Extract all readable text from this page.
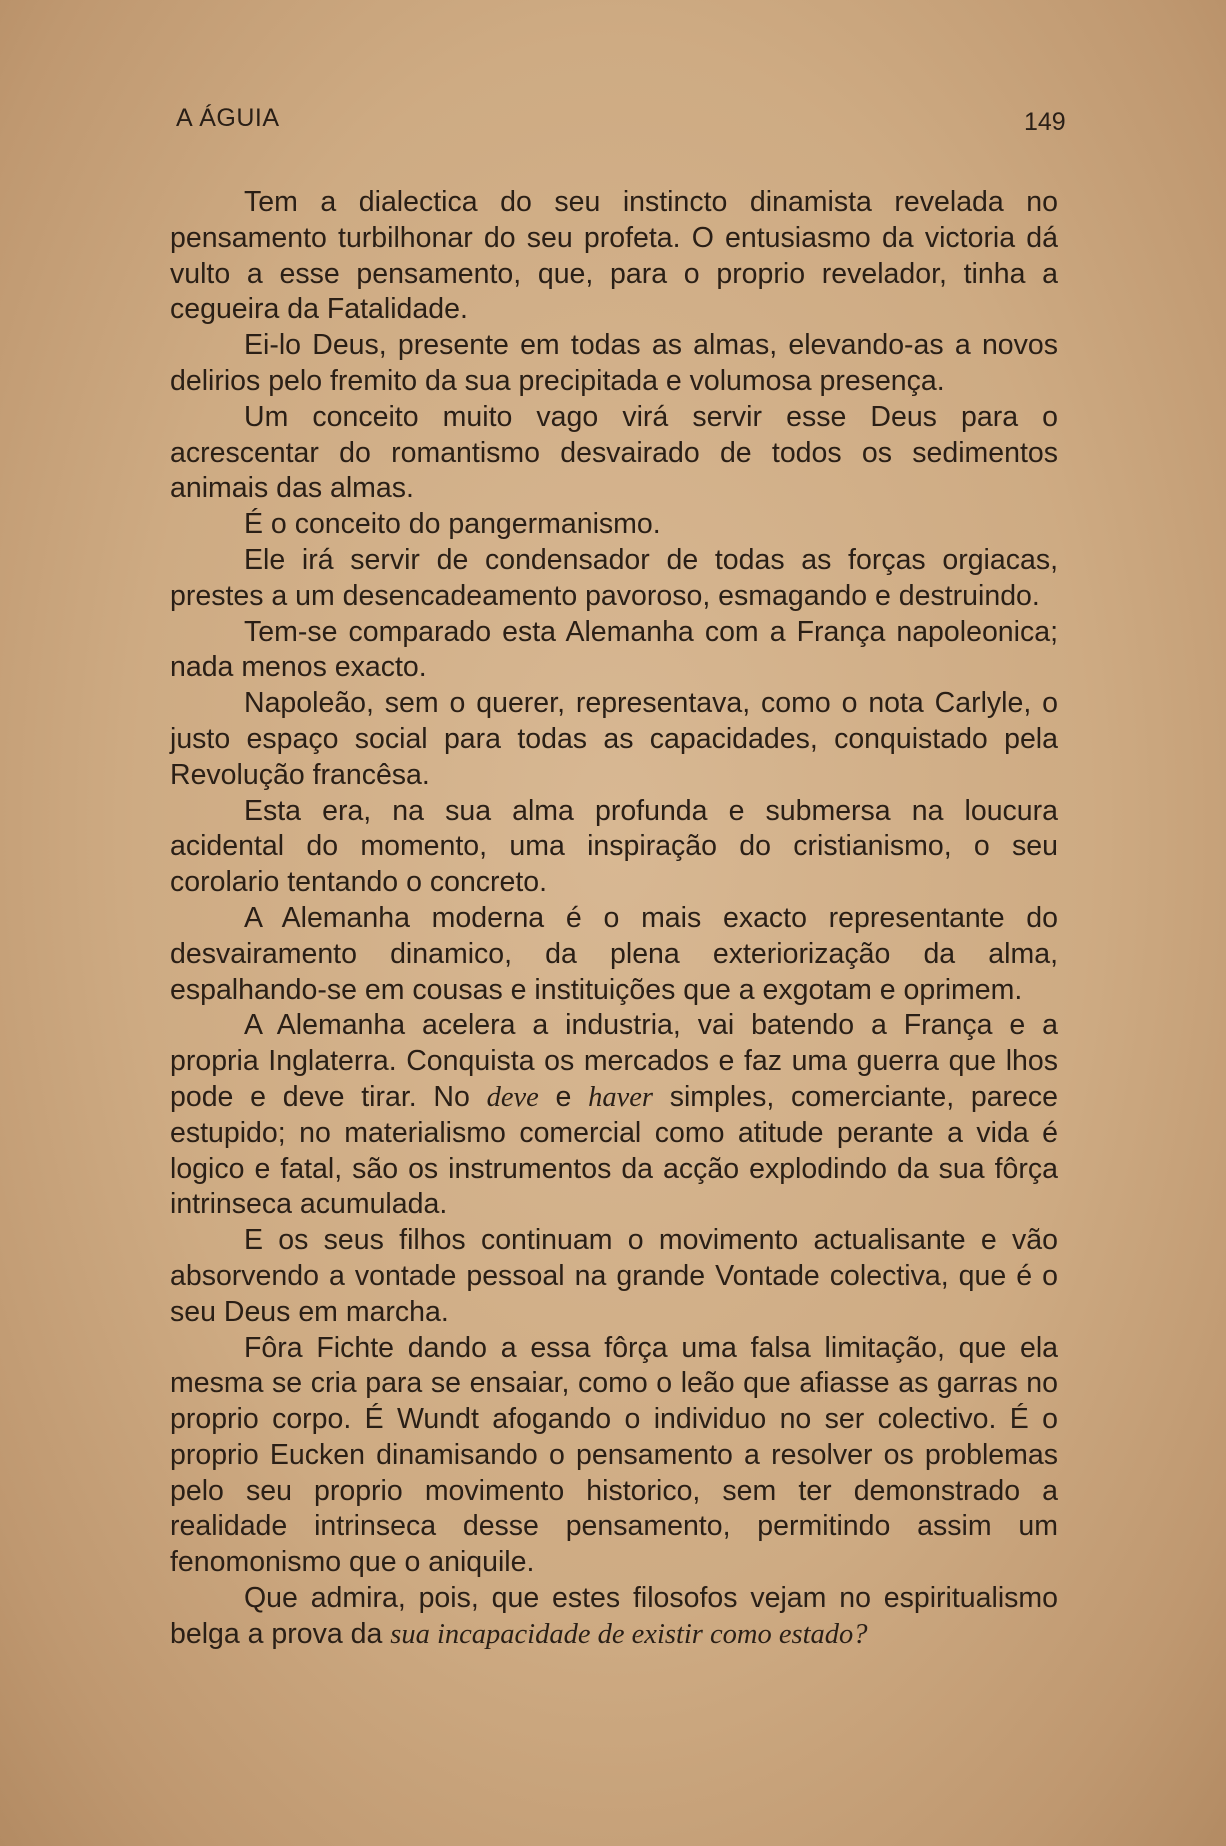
A ÁGUIA	149

Tem a dialectica do seu instincto dinamista revelada no pensamento turbilhonar do seu profeta. O entusiasmo da victoria dá vulto a esse pensamento, que, para o proprio revelador, tinha a cegueira da Fatalidade.

Ei-lo Deus, presente em todas as almas, elevando-as a novos delirios pelo fremito da sua precipitada e volumosa presença.

Um conceito muito vago virá servir esse Deus para o acrescentar do romantismo desvairado de todos os sedimentos animais das almas.

É o conceito do pangermanismo.

Ele irá servir de condensador de todas as forças orgiacas, prestes a um desencadeamento pavoroso, esmagando e destruindo.

Tem-se comparado esta Alemanha com a França napoleonica; nada menos exacto.

Napoleão, sem o querer, representava, como o nota Carlyle, o justo espaço social para todas as capacidades, conquistado pela Revolução francêsa.

Esta era, na sua alma profunda e submersa na loucura acidental do momento, uma inspiração do cristianismo, o seu corolario tentando o concreto.

A Alemanha moderna é o mais exacto representante do desvairamento dinamico, da plena exteriorização da alma, espalhando-se em cousas e instituições que a exgotam e oprimem.

A Alemanha acelera a industria, vai batendo a França e a propria Inglaterra. Conquista os mercados e faz uma guerra que lhos pode e deve tirar. No deve e haver simples, comerciante, parece estupido; no materialismo comercial como atitude perante a vida é logico e fatal, são os instrumentos da acção explodindo da sua fôrça intrinseca acumulada.

E os seus filhos continuam o movimento actualisante e vão absorvendo a vontade pessoal na grande Vontade colectiva, que é o seu Deus em marcha.

Fôra Fichte dando a essa fôrça uma falsa limitação, que ela mesma se cria para se ensaiar, como o leão que afiasse as garras no proprio corpo. É Wundt afogando o individuo no ser colectivo. É o proprio Eucken dinamisando o pensamento a resolver os problemas pelo seu proprio movimento historico, sem ter demonstrado a realidade intrinseca desse pensamento, permitindo assim um fenomonismo que o aniquile.

Que admira, pois, que estes filosofos vejam no espiritualismo belga a prova da sua incapacidade de existir como estado?
